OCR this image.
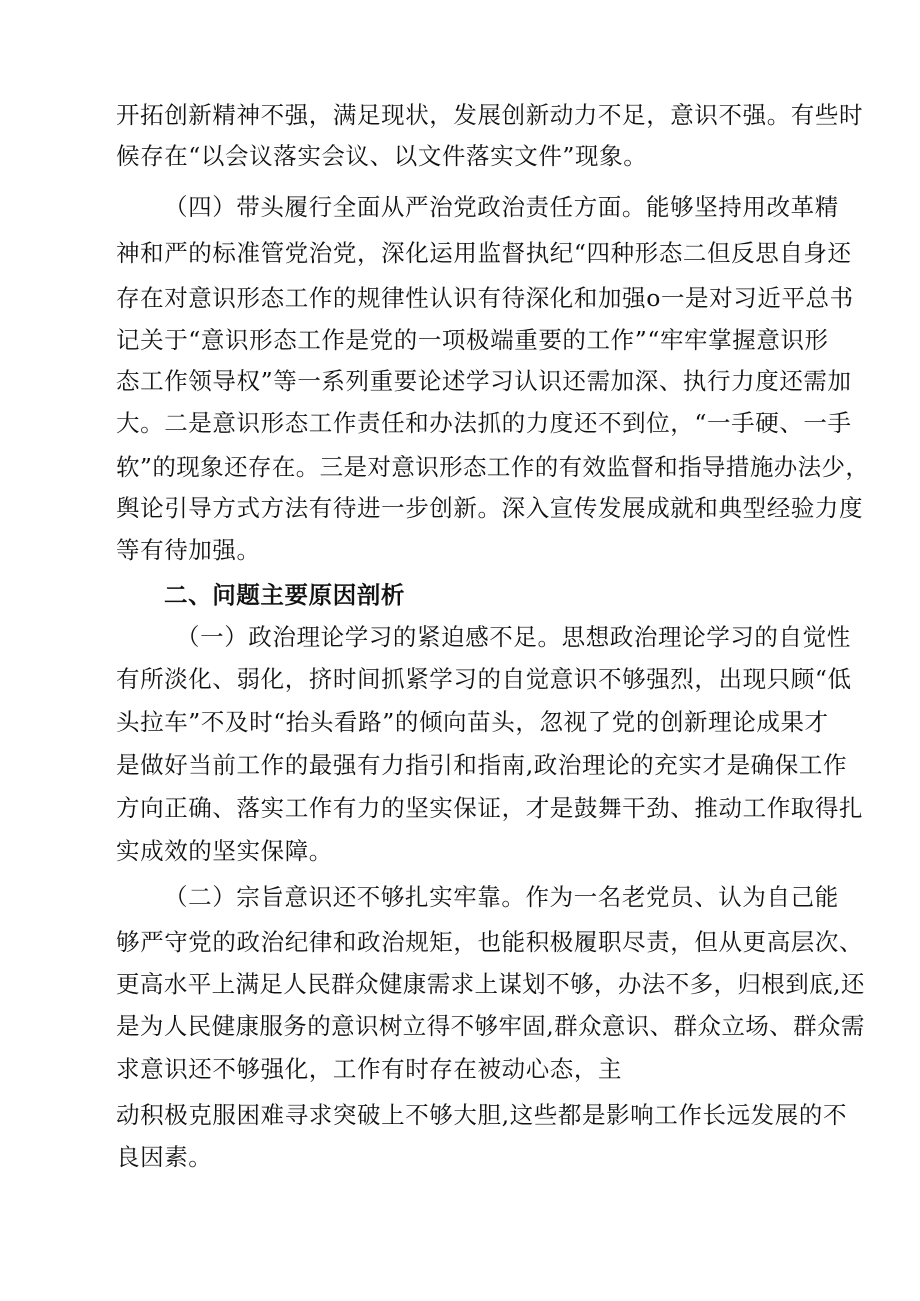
开拓创新精神不强，满足现状，发展创新动力不足，意识不强。有些时
候存在“以会议落实会议、以文件落实文件”现象。
（四）带头履行全面从严治党政治责任方面。能够坚持用改革精
神和严的标准管党治党，深化运用监督执纪“四种形态二但反思自身还
存在对意识形态工作的规律性认识有待深化和加强o一是对习近平总书
记关于“意识形态工作是党的一项极端重要的工作”“牢牢掌握意识形
态工作领导权”等一系列重要论述学习认识还需加深、执行力度还需加
大。二是意识形态工作责任和办法抓的力度还不到位，“一手硬、一手
软”的现象还存在。三是对意识形态工作的有效监督和指导措施办法少，
舆论引导方式方法有待进一步创新。深入宣传发展成就和典型经验力度
等有待加强。
二、问题主要原因剖析
（一）政治理论学习的紧迫感不足。思想政治理论学习的自觉性
有所淡化、弱化，挤时间抓紧学习的自觉意识不够强烈，出现只顾“低
头拉车”不及时“抬头看路”的倾向苗头，忽视了党的创新理论成果才
是做好当前工作的最强有力指引和指南,政治理论的充实才是确保工作
方向正确、落实工作有力的坚实保证，才是鼓舞干劲、推动工作取得扎
实成效的坚实保障。
（二）宗旨意识还不够扎实牢靠。作为一名老党员、认为自己能
够严守党的政治纪律和政治规矩，也能积极履职尽责，但从更高层次、
更高水平上满足人民群众健康需求上谋划不够，办法不多，归根到底,还
是为人民健康服务的意识树立得不够牢固,群众意识、群众立场、群众需
求意识还不够强化，工作有时存在被动心态，主
动积极克服困难寻求突破上不够大胆,这些都是影响工作长远发展的不
良因素。
